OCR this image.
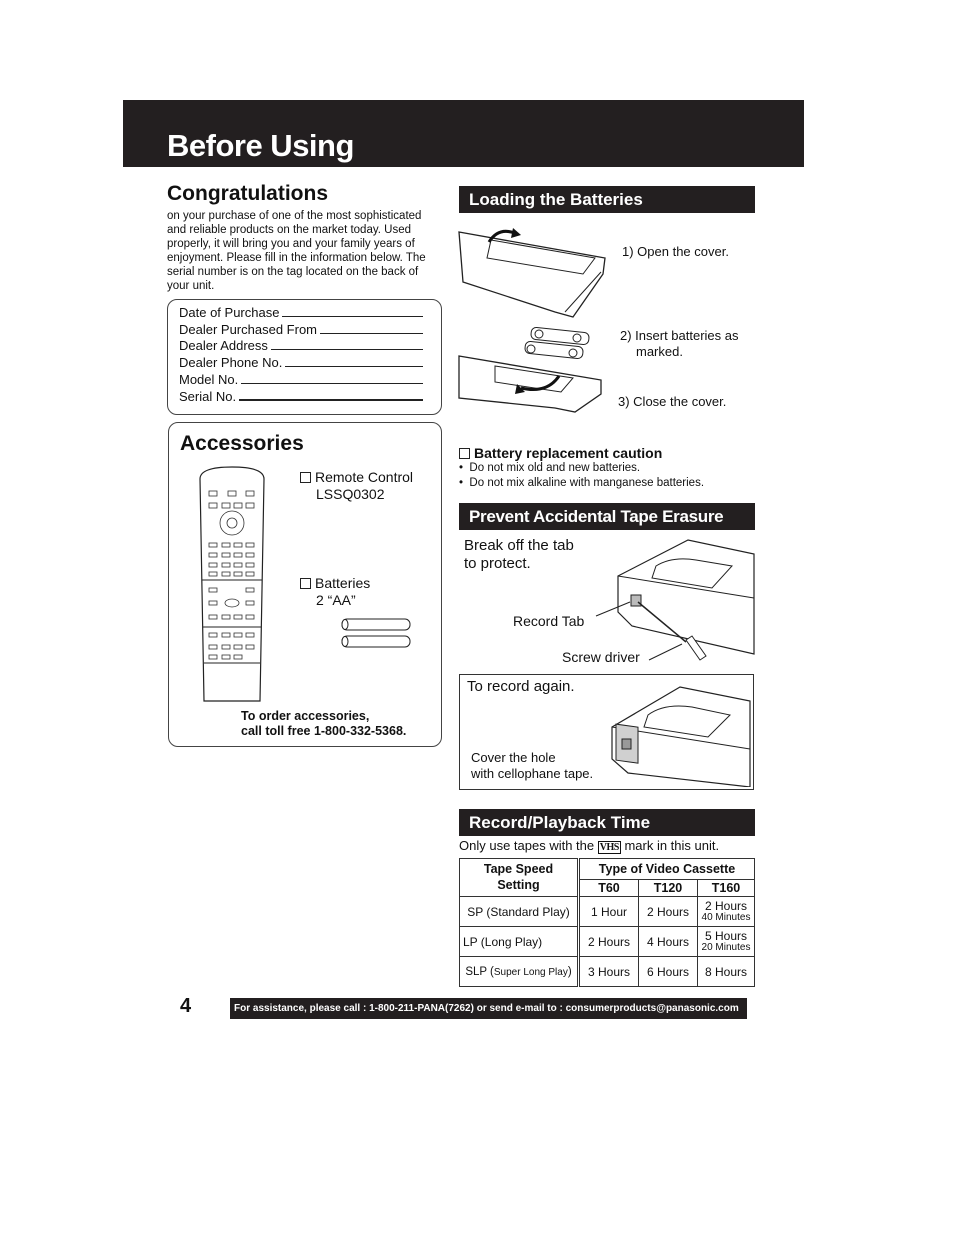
Before Using
Congratulations
on your purchase of one of the most sophisticated and reliable products on the market today. Used properly, it will bring you and your family years of enjoyment. Please fill in the information below. The serial number is on the tag located on the back of your unit.
Date of Purchase
Dealer Purchased From
Dealer Address
Dealer Phone No.
Model No.
Serial No.
Accessories
Remote Control
LSSQ0302
Batteries
2 “AA”
To order accessories,
call toll free 1-800-332-5368.
Loading the Batteries
1) Open the cover.
2) Insert batteries as
marked.
3) Close the cover.
Battery replacement caution
•  Do not mix old and new batteries.
•  Do not mix alkaline with manganese batteries.
Prevent Accidental Tape Erasure
Break off the tab
to protect.
Record Tab
Screw driver
To record again.
Cover the hole
with cellophane tape.
Record/Playback Time
Only use tapes with the VHS mark in this unit.
Tape Speed
Setting	Type of Video Cassette		
	T60	T120	T160
SP (Standard Play)	1 Hour	2 Hours	2 Hours
40 Minutes

LP (Long Play)	2 Hours	4 Hours	5 Hours
20 Minutes

SLP (Super Long Play)	3 Hours	6 Hours	8 Hours
4	For assistance, please call : 1-800-211-PANA(7262) or send e-mail to : consumerproducts@panasonic.com
